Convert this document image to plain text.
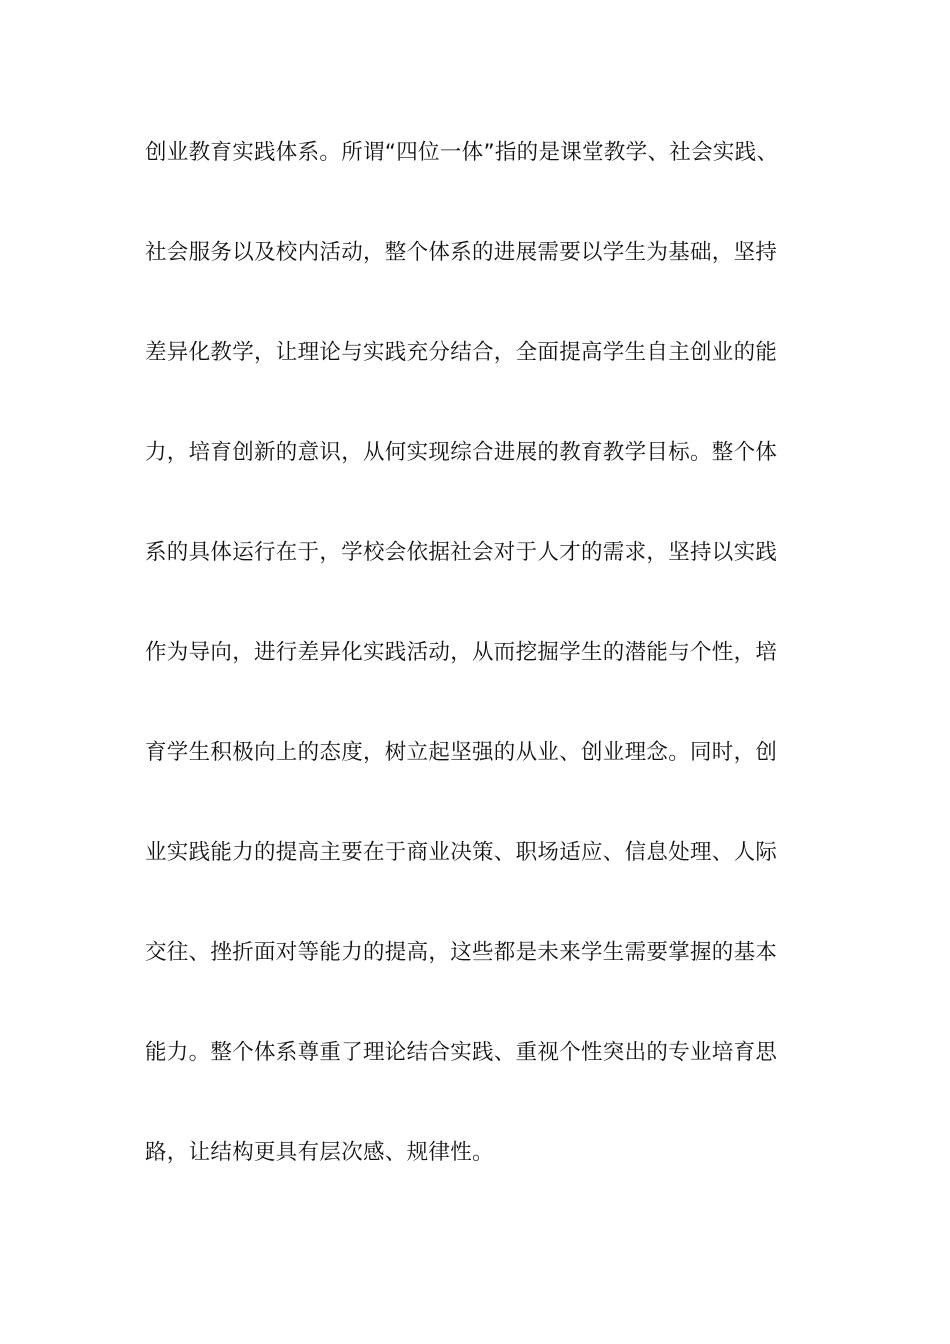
创业教育实践体系。所谓“四位一体”指的是课堂教学、社会实践、
社会服务以及校内活动，整个体系的进展需要以学生为基础，坚持
差异化教学，让理论与实践充分结合，全面提高学生自主创业的能
力，培育创新的意识，从何实现综合进展的教育教学目标。整个体
系的具体运行在于，学校会依据社会对于人才的需求，坚持以实践
作为导向，进行差异化实践活动，从而挖掘学生的潜能与个性，培
育学生积极向上的态度，树立起坚强的从业、创业理念。同时，创
业实践能力的提高主要在于商业决策、职场适应、信息处理、人际
交往、挫折面对等能力的提高，这些都是未来学生需要掌握的基本
能力。整个体系尊重了理论结合实践、重视个性突出的专业培育思
路，让结构更具有层次感、规律性。
